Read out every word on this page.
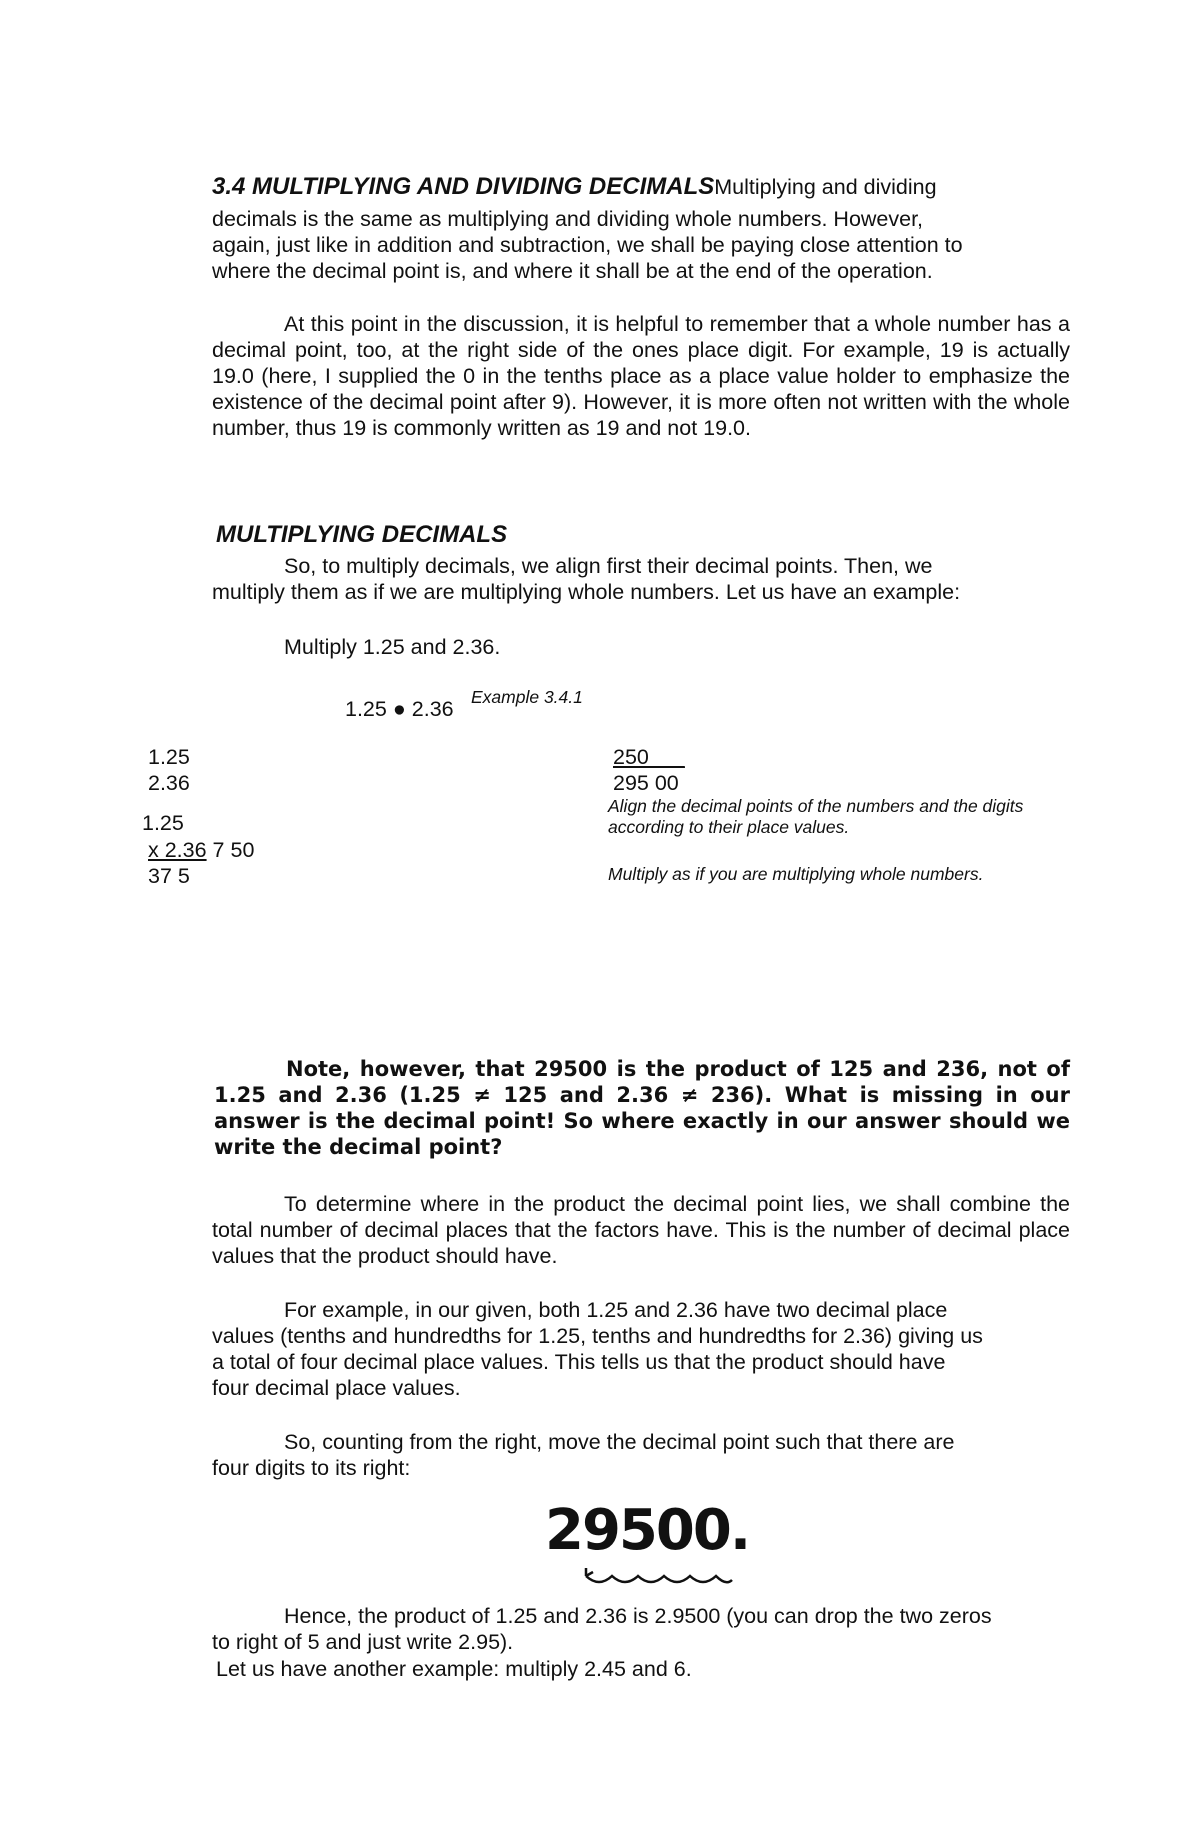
3.4 MULTIPLYING AND DIVIDING DECIMALSMultiplying and dividing
decimals is the same as multiplying and dividing whole numbers. However,
again, just like in addition and subtraction, we shall be paying close attention to
where the decimal point is, and where it shall be at the end of the operation.
At this point in the discussion, it is helpful to remember that a whole number has a decimal point, too, at the right side of the ones place digit. For example, 19 is actually 19.0 (here, I supplied the 0 in the tenths place as a place value holder to emphasize the existence of the decimal point after 9). However, it is more often not written with the whole number, thus 19 is commonly written as 19 and not 19.0.
MULTIPLYING DECIMALS
So, to multiply decimals, we align first their decimal points. Then, we
multiply them as if we are multiplying whole numbers. Let us have an example:
Multiply 1.25 and 2.36.
1.25 ● 2.36 Example 3.4.1
1.25
2.36
1.25
x 2.36 7 50
37 5
250___
295 00
Align the decimal points of the numbers and the digits according to their place values.
Multiply as if you are multiplying whole numbers.
Note, however, that 29500 is the product of 125 and 236, not of 1.25 and 2.36 (1.25 ≠ 125 and 2.36 ≠ 236). What is missing in our answer is the decimal point! So where exactly in our answer should we write the decimal point?
To determine where in the product the decimal point lies, we shall combine the total number of decimal places that the factors have. This is the number of decimal place values that the product should have.
For example, in our given, both 1.25 and 2.36 have two decimal place
values (tenths and hundredths for 1.25, tenths and hundredths for 2.36) giving us
a total of four decimal place values. This tells us that the product should have
four decimal place values.
So, counting from the right, move the decimal point such that there are
four digits to its right:
29500.
Hence, the product of 1.25 and 2.36 is 2.9500 (you can drop the two zeros
to right of 5 and just write 2.95).
Let us have another example: multiply 2.45 and 6.
